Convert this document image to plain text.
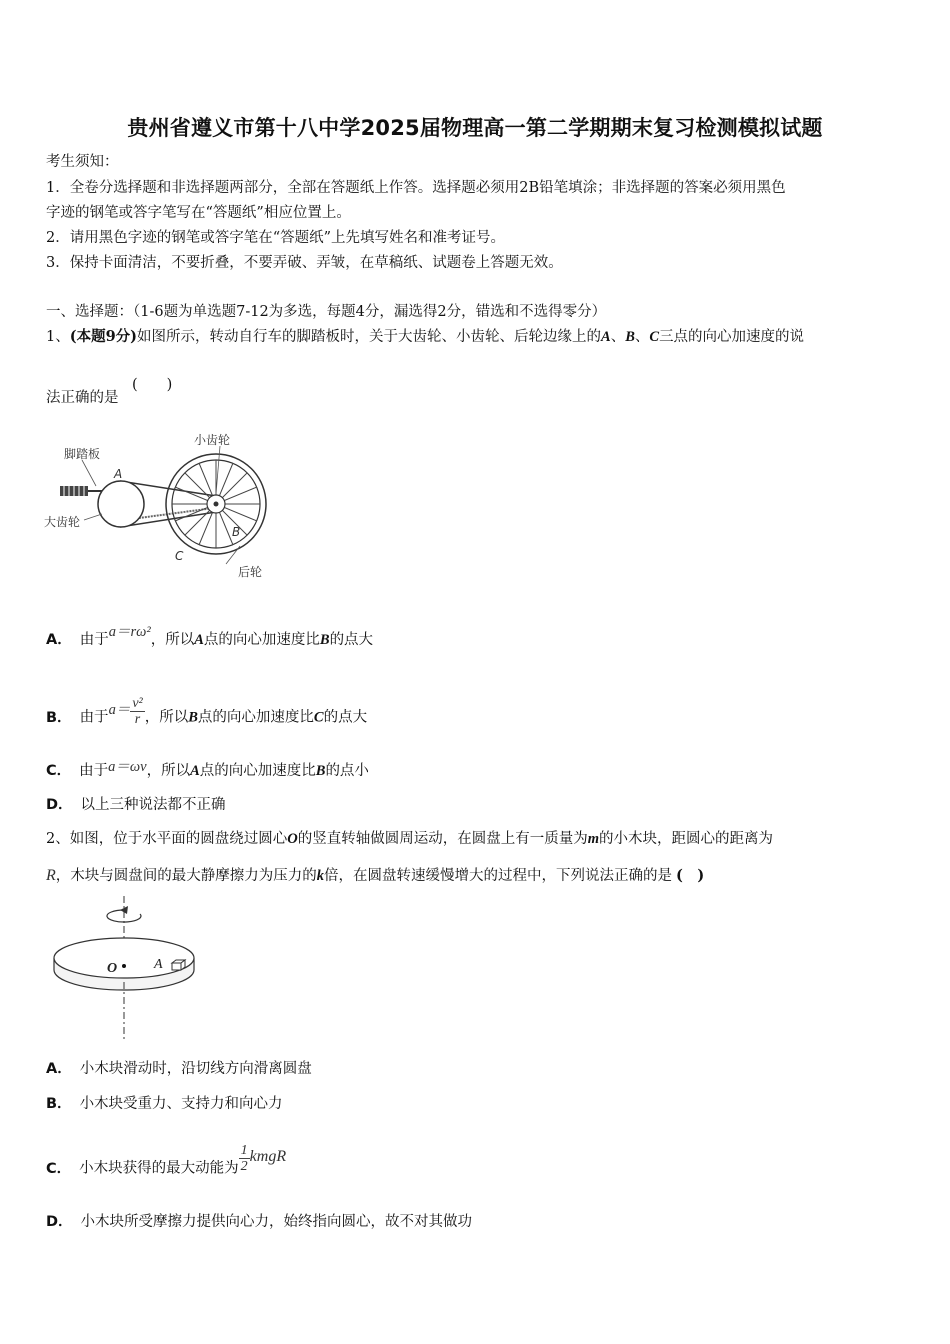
贵州省遵义市第十八中学2025届物理高一第二学期期末复习检测模拟试题
考生须知：
1．全卷分选择题和非选择题两部分，全部在答题纸上作答。选择题必须用2B铅笔填涂；非选择题的答案必须用黑色
字迹的钢笔或答字笔写在“答题纸”相应位置上。
2．请用黑色字迹的钢笔或答字笔在“答题纸”上先填写姓名和准考证号。
3．保持卡面清洁，不要折叠，不要弄破、弄皱，在草稿纸、试题卷上答题无效。
一、选择题：（1-6题为单选题7-12为多选，每题4分，漏选得2分，错选和不选得零分）
1、(本题9分)如图所示，转动自行车的脚踏板时，关于大齿轮、小齿轮、后轮边缘上的A、B、C三点的向心加速度的说
法正确的是
(　　)
脚踏板
小齿轮
大齿轮
后轮
A
B
C
A． 由于a＝rω²，所以A点的向心加速度比B的点大
B． 由于$a= \frac{\text{v²}}{r}$ ，所以B点的向心加速度比C的点大
C． 由于a＝ωv，所以A点的向心加速度比B的点小
D． 以上三种说法都不正确
2、如图，位于水平面的圆盘绕过圆心O的竖直转轴做圆周运动，在圆盘上有一质量为m的小木块，距圆心的距离为
R，木块与圆盘间的最大静摩擦力为压力的k倍，在圆盘转速缓慢增大的过程中，下列说法正确的是 (　)
O	A
A． 小木块滑动时，沿切线方向滑离圆盘
B． 小木块受重力、支持力和向心力
C． 小木块获得的最大动能为 $\frac{1}{2}$ kmgR
D． 小木块所受摩擦力提供向心力，始终指向圆心，故不对其做功
